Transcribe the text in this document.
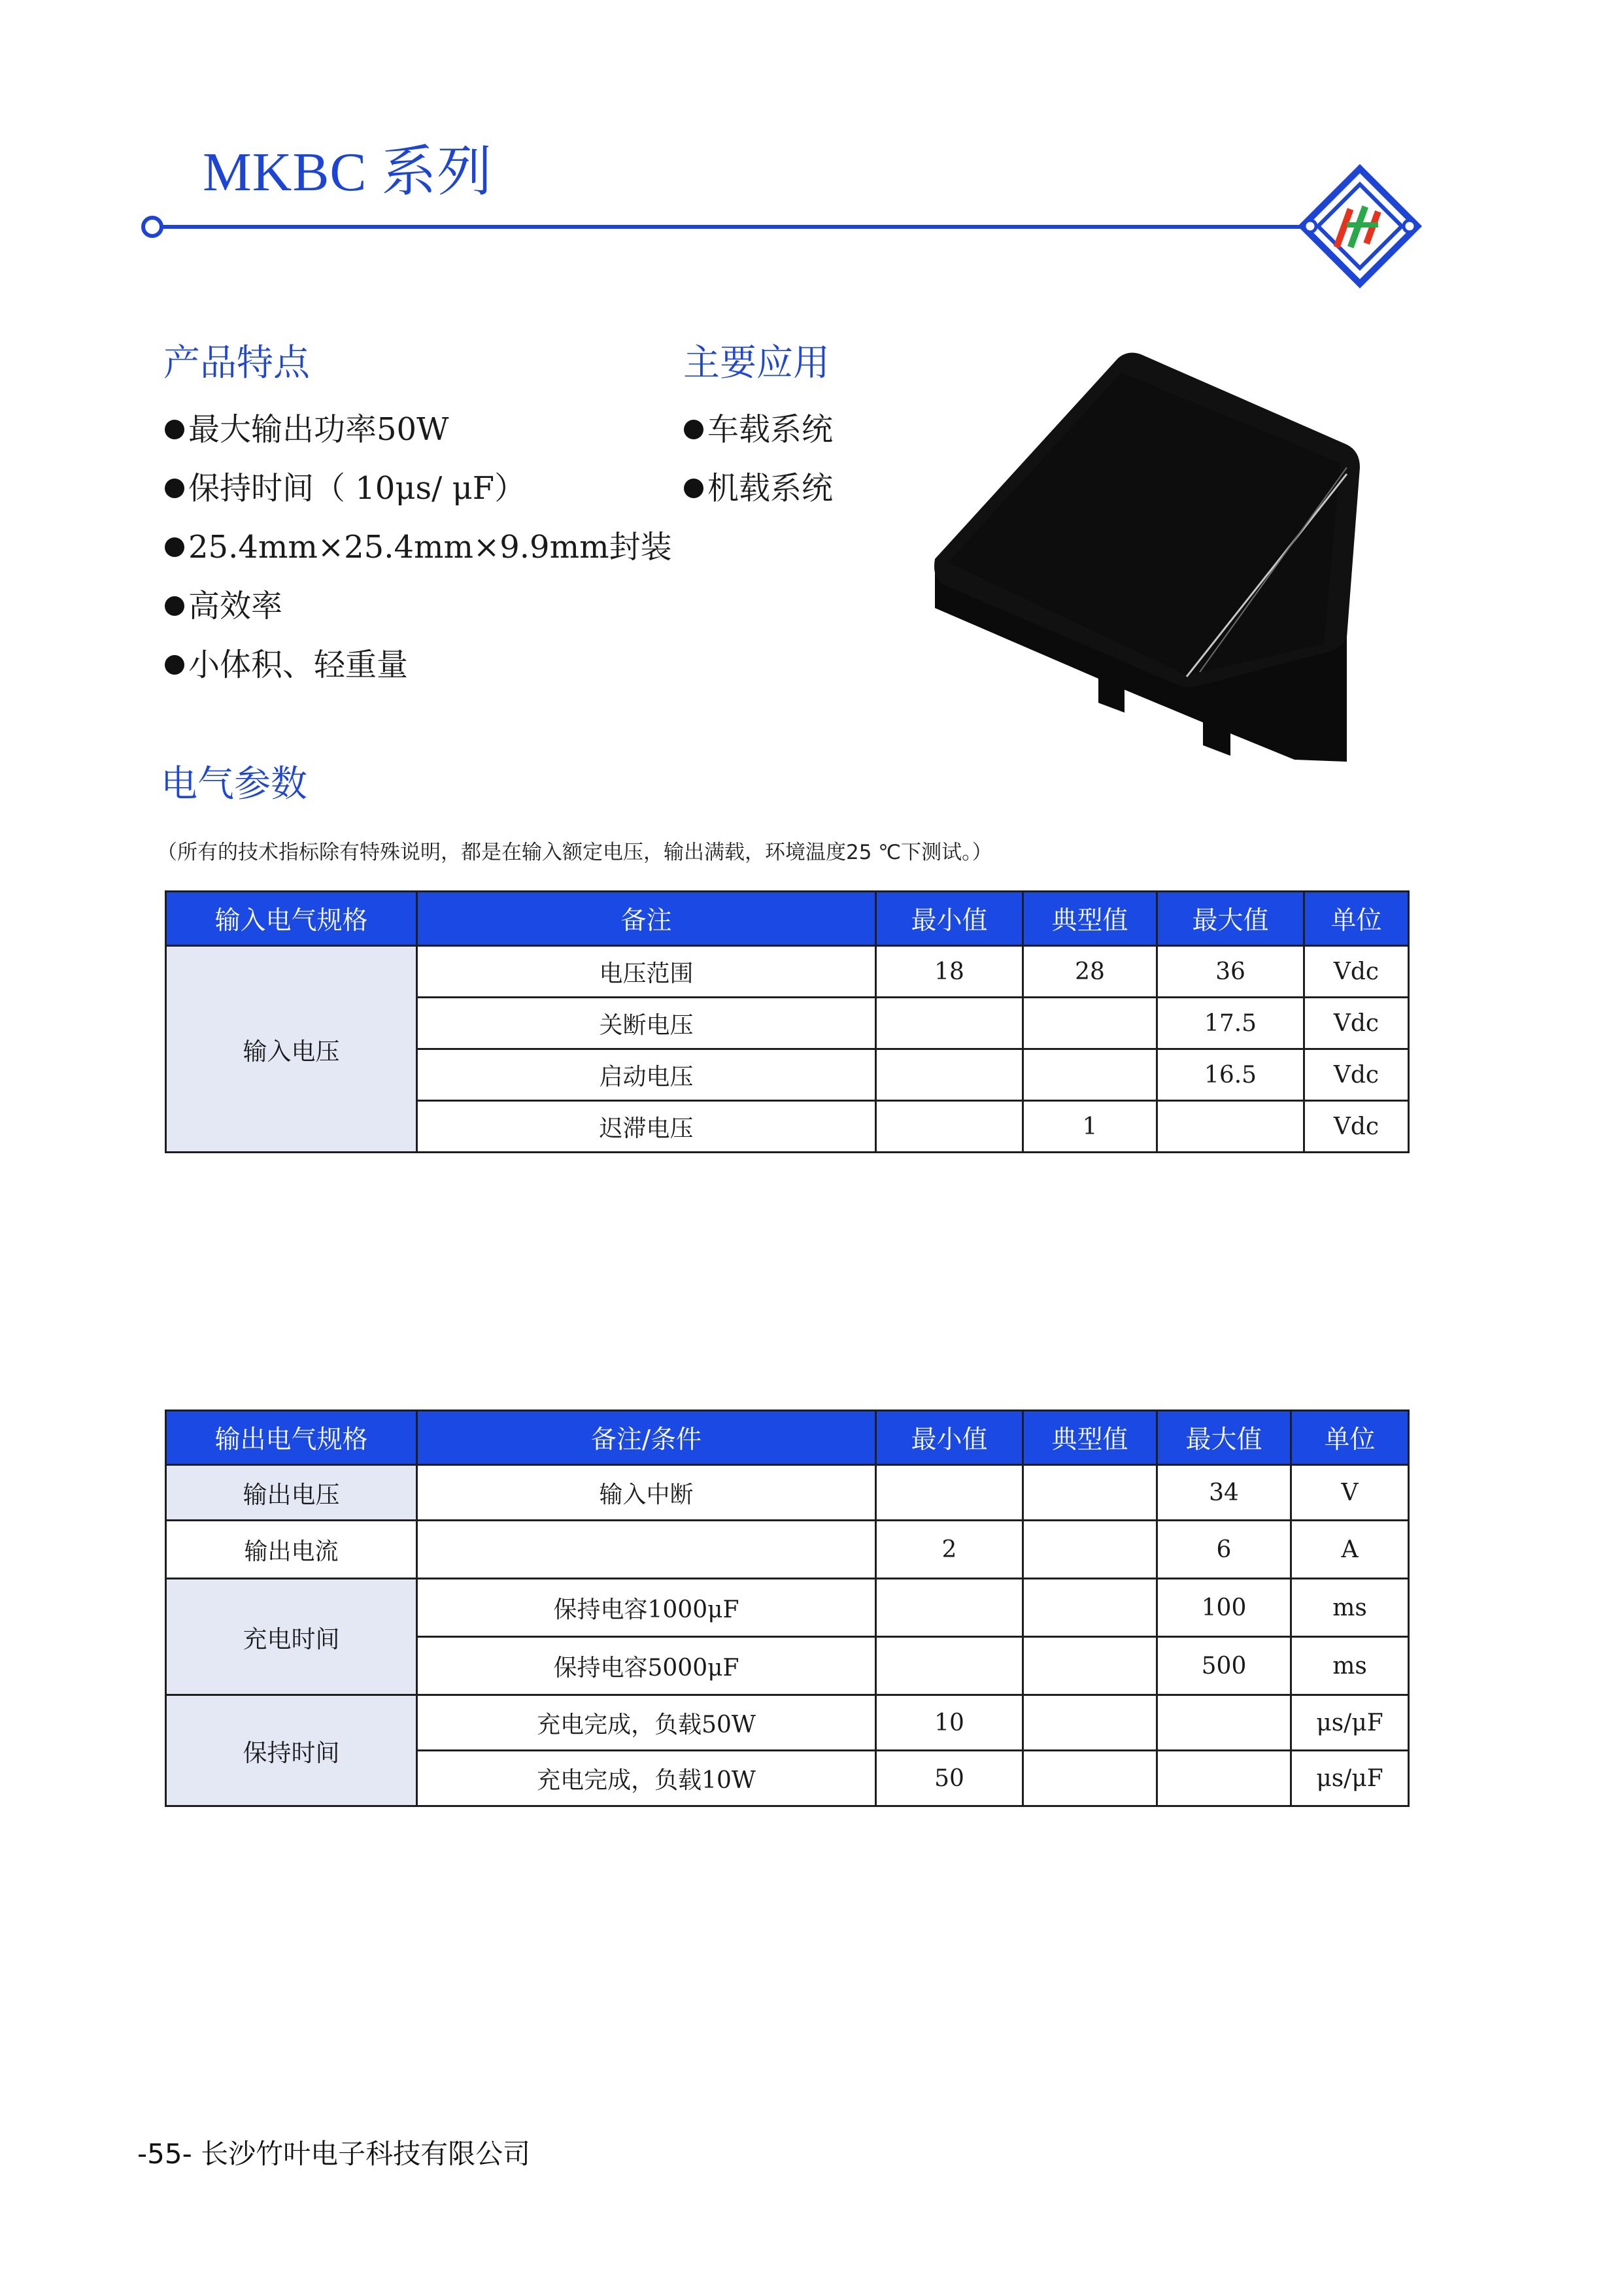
MKBC 系列
产品特点
最大输出功率50W
保持时间（ 10μs/ μF）
25.4mm×25.4mm×9.9mm封装
高效率
小体积、轻重量
主要应用
车载系统
机载系统
电气参数
（所有的技术指标除有特殊说明，都是在输入额定电压，输出满载，环境温度25 ℃下测试。）
输入电气规格	备注	最小值	典型值	最大值	单位
输入电压	电压范围	18	28	36	Vdc
	关断电压			17.5	Vdc
	启动电压			16.5	Vdc
	迟滞电压		1		Vdc
输出电气规格	备注/条件	最小值	典型值	最大值	单位
输出电压	输入中断			34	V
输出电流		2		6	A
充电时间	保持电容1000μF			100	ms
	保持电容5000μF			500	ms
保持时间	充电完成，负载50W	10			μs/μF
	充电完成，负载10W	50			μs/μF
-55- 长沙竹叶电子科技有限公司
